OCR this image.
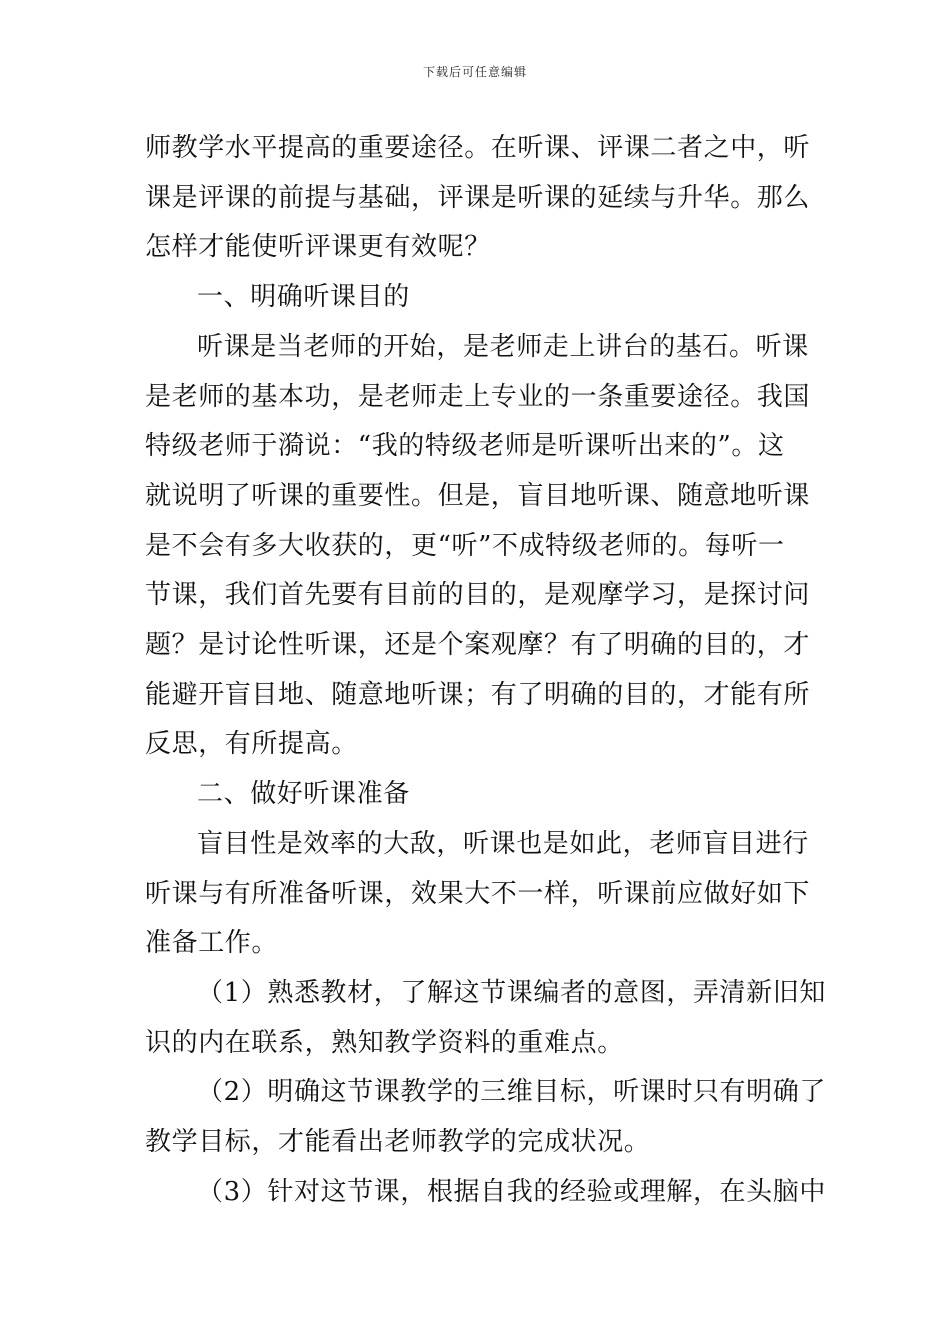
下载后可任意编辑
师教学水平提高的重要途径。在听课、评课二者之中，听
课是评课的前提与基础，评课是听课的延续与升华。那么
怎样才能使听评课更有效呢？
一、明确听课目的
听课是当老师的开始，是老师走上讲台的基石。听课
是老师的基本功，是老师走上专业的一条重要途径。我国
特级老师于漪说：“我的特级老师是听课听出来的”。这
就说明了听课的重要性。但是，盲目地听课、随意地听课
是不会有多大收获的，更“听”不成特级老师的。每听一
节课，我们首先要有目前的目的，是观摩学习，是探讨问
题？是讨论性听课，还是个案观摩？有了明确的目的，才
能避开盲目地、随意地听课；有了明确的目的，才能有所
反思，有所提高。
二、做好听课准备
盲目性是效率的大敌，听课也是如此，老师盲目进行
听课与有所准备听课，效果大不一样，听课前应做好如下
准备工作。
（1）熟悉教材，了解这节课编者的意图，弄清新旧知
识的内在联系，熟知教学资料的重难点。
（2）明确这节课教学的三维目标，听课时只有明确了
教学目标，才能看出老师教学的完成状况。
（3）针对这节课，根据自我的经验或理解，在头脑中
